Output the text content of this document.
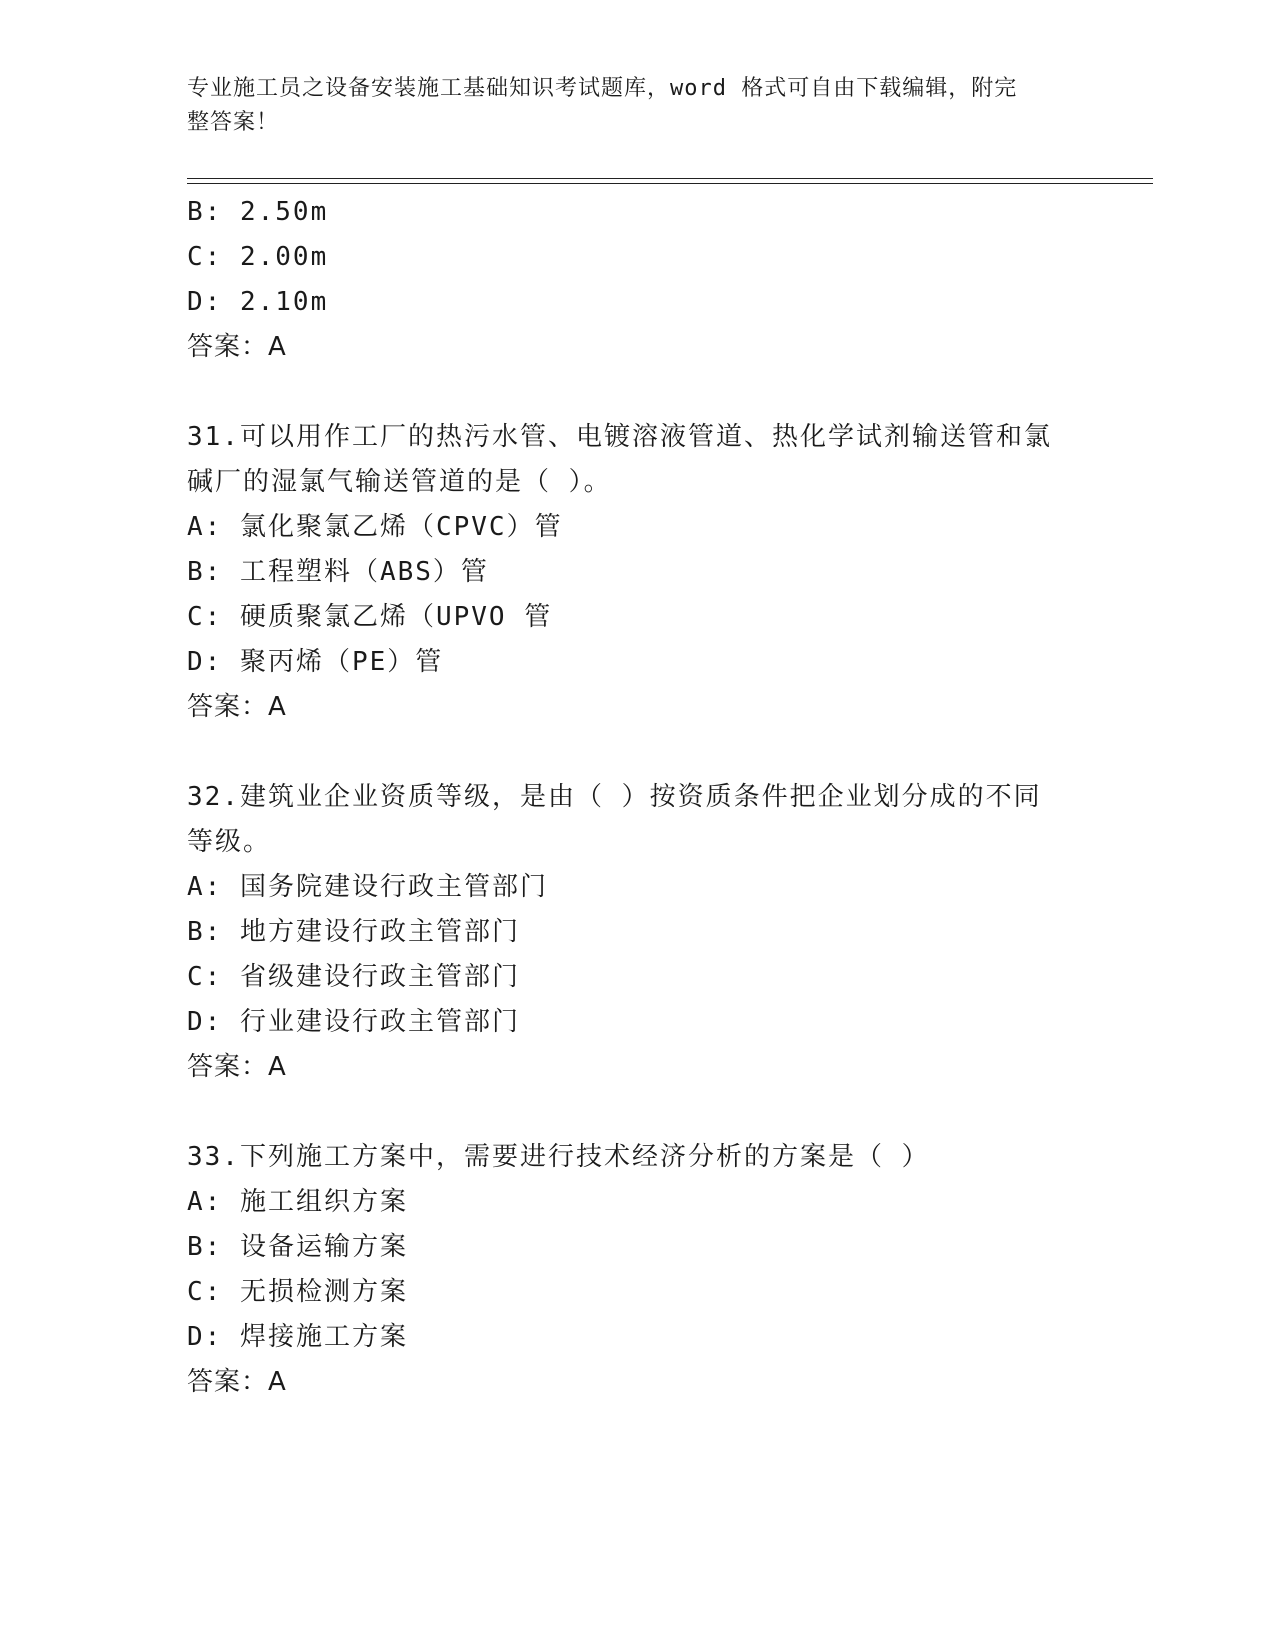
专业施工员之设备安装施工基础知识考试题库，word 格式可自由下载编辑，附完
整答案！
B: 2.50m
C: 2.00m
D: 2.10m
答案：A
31.可以用作工厂的热污水管、电镀溶液管道、热化学试剂输送管和氯
碱厂的湿氯气输送管道的是（ ）。
A: 氯化聚氯乙烯（CPVC）管
B: 工程塑料（ABS）管
C: 硬质聚氯乙烯（UPVO 管
D: 聚丙烯（PE）管
答案：A
32.建筑业企业资质等级，是由（ ）按资质条件把企业划分成的不同
等级。
A: 国务院建设行政主管部门
B: 地方建设行政主管部门
C: 省级建设行政主管部门
D: 行业建设行政主管部门
答案：A
33.下列施工方案中，需要进行技术经济分析的方案是（ ）
A: 施工组织方案
B: 设备运输方案
C: 无损检测方案
D: 焊接施工方案
答案：A
